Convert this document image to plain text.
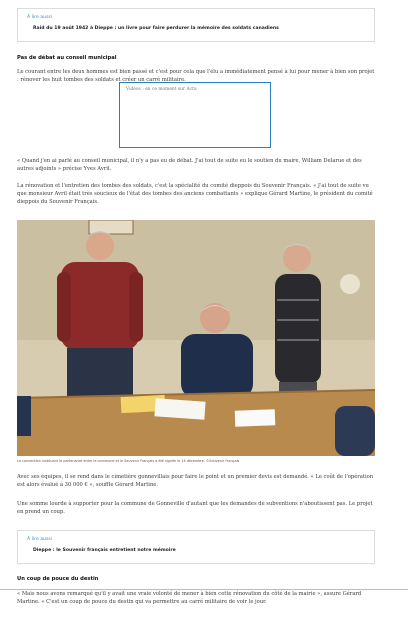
À lire aussi
Raid du 19 août 1942 à Dieppe : un livre pour faire perdurer la mémoire des soldats canadiens
Pas de débat au conseil municipal

Le courant entre les deux hommes est bien passé et c'est pour cela que l'élu a immédiatement pensé à lui pour mener à bien son projet : rénover les huit tombes des soldats et créer un carré militaire.

Vidéos : en ce moment sur Actu

« Quand j'en ai parlé au conseil municipal, il n'y a pas eu de débat. J'ai tout de suite eu le soutien du maire, William Delarue et des autres adjoints » précise Yves Avril.

La rénovation et l'entretien des tombes des soldats, c'est la spécialité du comité dieppois du Souvenir Français. « J'ai tout de suite vu que monsieur Avril était très soucieux de l'état des tombes des anciens combattants » explique Gérard Martine, le président du comité dieppois du Souvenir Français.

La convention instituant le partenariat entre la commune et le Souvenir Français a été signée le 14 décembre. ©Souvenir Français

Avec ses équipes, il se rend dans le cimetière gonnevillais pour faire le point et un premier devis est demandé. « Le coût de l'opération est alors évalué à 30 000 € », souffle Gérard Martine.

Une somme lourde à supporter pour la commune de Gonneville d'autant que les demandes de subventions n'aboutissent pas. Le projet en prend un coup.

À lire aussi
Dieppe : le Souvenir français entretient notre mémoire
Un coup de pouce du destin

« Mais nous avons remarqué qu'il y avait une vraie volonté de mener à bien cette rénovation du côté de la mairie », assure Gérard Martine. « C'est un coup de pouce du destin qui va permettre au carré militaire de voir le jour.
